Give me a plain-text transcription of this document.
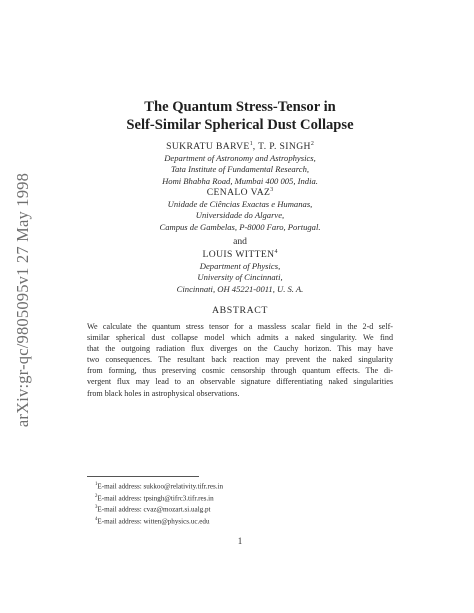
arXiv:gr-qc/9805095v1 27 May 1998
The Quantum Stress-Tensor in
Self-Similar Spherical Dust Collapse
SUKRATU BARVE$^1$, T. P. SINGH$^2$
Department of Astronomy and Astrophysics,
Tata Institute of Fundamental Research,
Homi Bhabha Road, Mumbai 400 005, India.
CENALO VAZ$^3$
Unidade de Ciências Exactas e Humanas,
Universidade do Algarve,
Campus de Gambelas, P-8000 Faro, Portugal.
and
LOUIS WITTEN$^4$
Department of Physics,
University of Cincinnati,
Cincinnati, OH 45221-0011, U. S. A.
ABSTRACT
We calculate the quantum stress tensor for a massless scalar field in the 2-d self-
similar spherical dust collapse model which admits a naked singularity. We find
that the outgoing radiation flux diverges on the Cauchy horizon. This may have
two consequences. The resultant back reaction may prevent the naked singularity
from forming, thus preserving cosmic censorship through quantum effects. The di-
vergent flux may lead to an observable signature differentiating naked singularities
from black holes in astrophysical observations.
$^1$E-mail address: sukkoo@relativity.tifr.res.in
$^2$E-mail address: tpsingh@tifrc3.tifr.res.in
$^3$E-mail address: cvaz@mozart.si.ualg.pt
$^4$E-mail address: witten@physics.uc.edu
1
